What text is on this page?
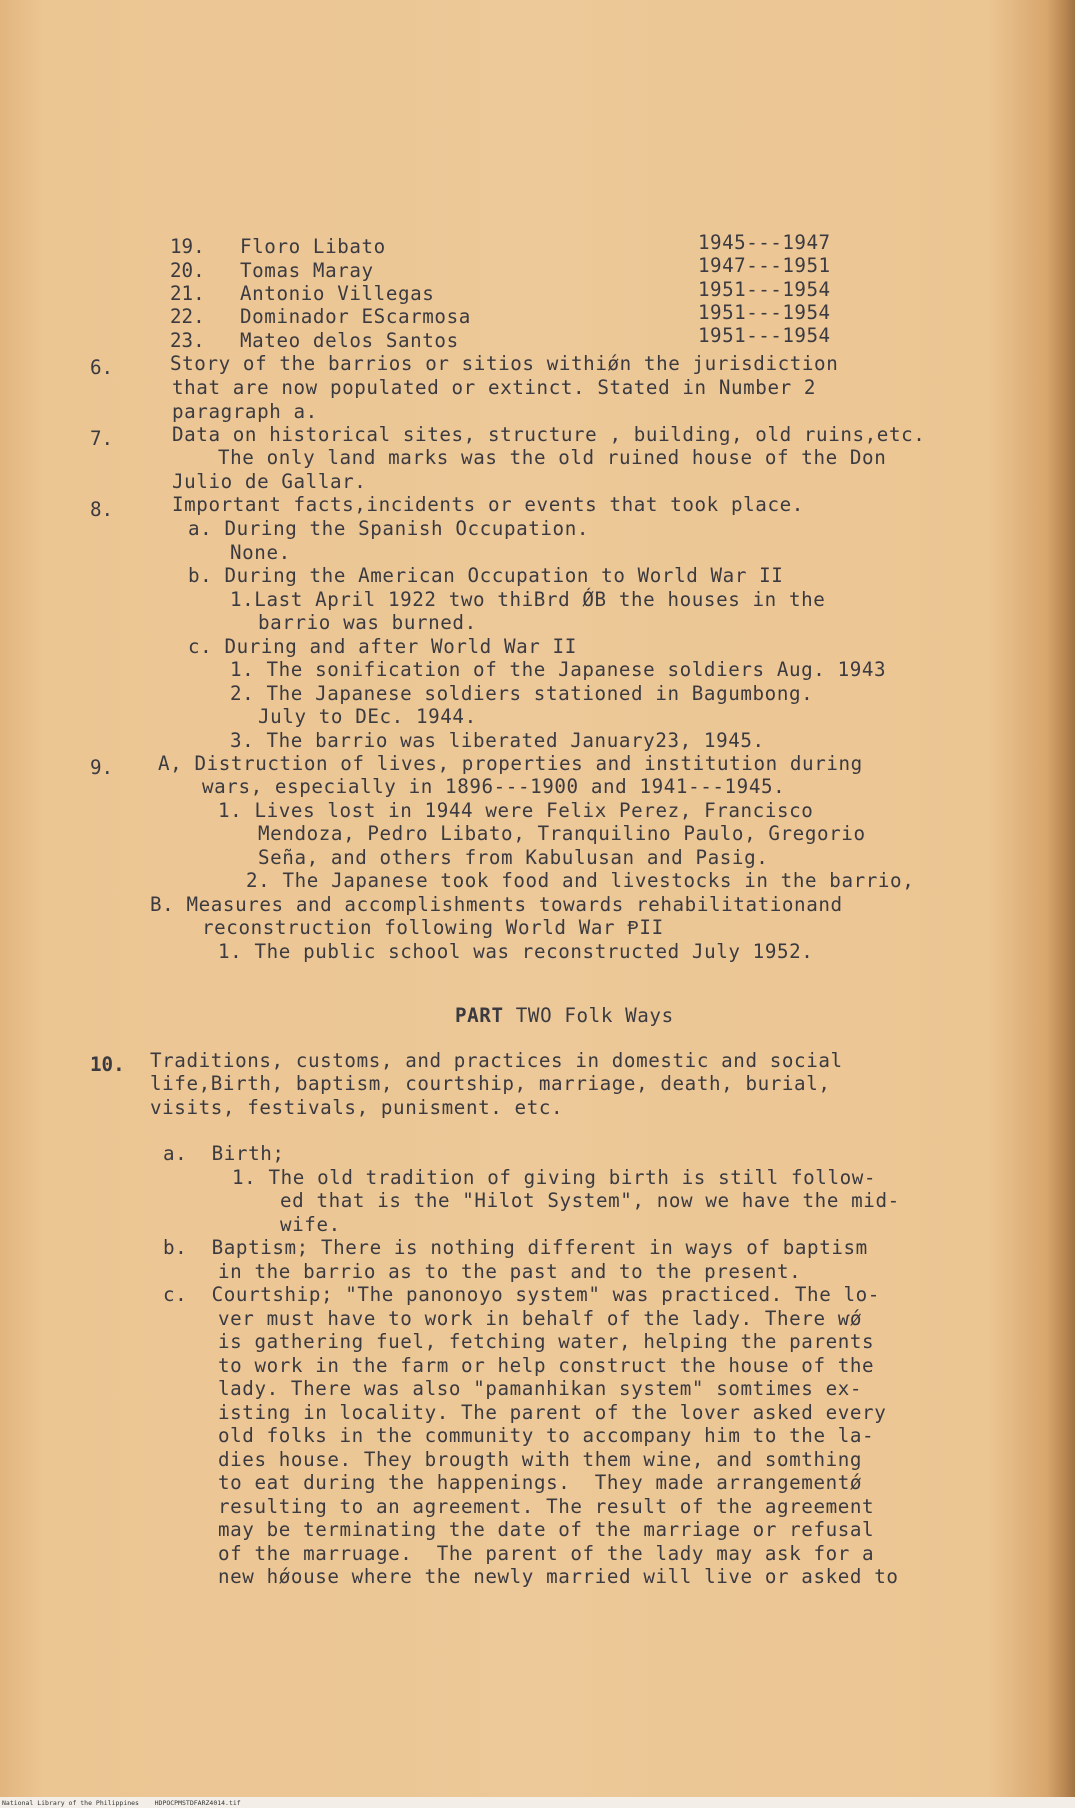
19. Floro Libato	1945---1947
20. Tomas Maray	1947---1951
21. Antonio Villegas	1951---1954
22. Dominador EScarmosa	1951---1954
23. Mateo delos Santos	1951---1954
6.	Story of the barrios or sitios withiǿn the jurisdiction
that are now populated or extinct. Stated in Number 2
paragraph a.
7.	Data on historical sites, structure , building, old ruins,etc.
The only land marks was the old ruined house of the Don
Julio de Gallar.
8.	Important facts,incidents or events that took place.
a. During the Spanish Occupation.
None.
b. During the American Occupation to World War II
1.Last April 1922 two thiBrd ǾB the houses in the
barrio was burned.
c. During and after World War II
1. The sonification of the Japanese soldiers Aug. 1943
2. The Japanese soldiers stationed in Bagumbong.
July to DEc. 1944.
3. The barrio was liberated January23, 1945.
9. A, Distruction of lives, properties and institution during
wars, especially in 1896---1900 and 1941---1945.
1. Lives lost in 1944 were Felix Perez, Francisco
Mendoza, Pedro Libato, Tranquilino Paulo, Gregorio
Seña, and others from Kabulusan and Pasig.
2. The Japanese took food and livestocks in the barrio,
B. Measures and accomplishments towards rehabilitationand
reconstruction following World War ⱣII
1. The public school was reconstructed July 1952.
PART TWO Folk Ways
10. Traditions, customs, and practices in domestic and social
life,Birth, baptism, courtship, marriage, death, burial,
visits, festivals, punisment. etc.
a.  Birth;
1. The old tradition of giving birth is still follow-
ed that is the "Hilot System", now we have the mid-
wife.
b.  Baptism; There is nothing different in ways of baptism
in the barrio as to the past and to the present.
c.  Courtship; "The panonoyo system" was practiced. The lo-
ver must have to work in behalf of the lady. There ⱳǿ
is gathering fuel, fetching water, helping the parents
to work in the farm or help construct the house of the
lady. There was also "pamanhikan system" somtimes ex-
isting in locality. The parent of the lover asked every
old folks in the community to accompany him to the la-
dies house. They brougth with them wine, and somthing
to eat during the happenings.  They made arrangementǿ
resulting to an agreement. The result of the agreement
may be terminating the date of the marriage or refusal
of the marruage.  The parent of the lady may ask for a
new hǿouse where the newly married will live or asked to
National Library of the Philippines    HDPOCPMSTDFARZ4014.tif
